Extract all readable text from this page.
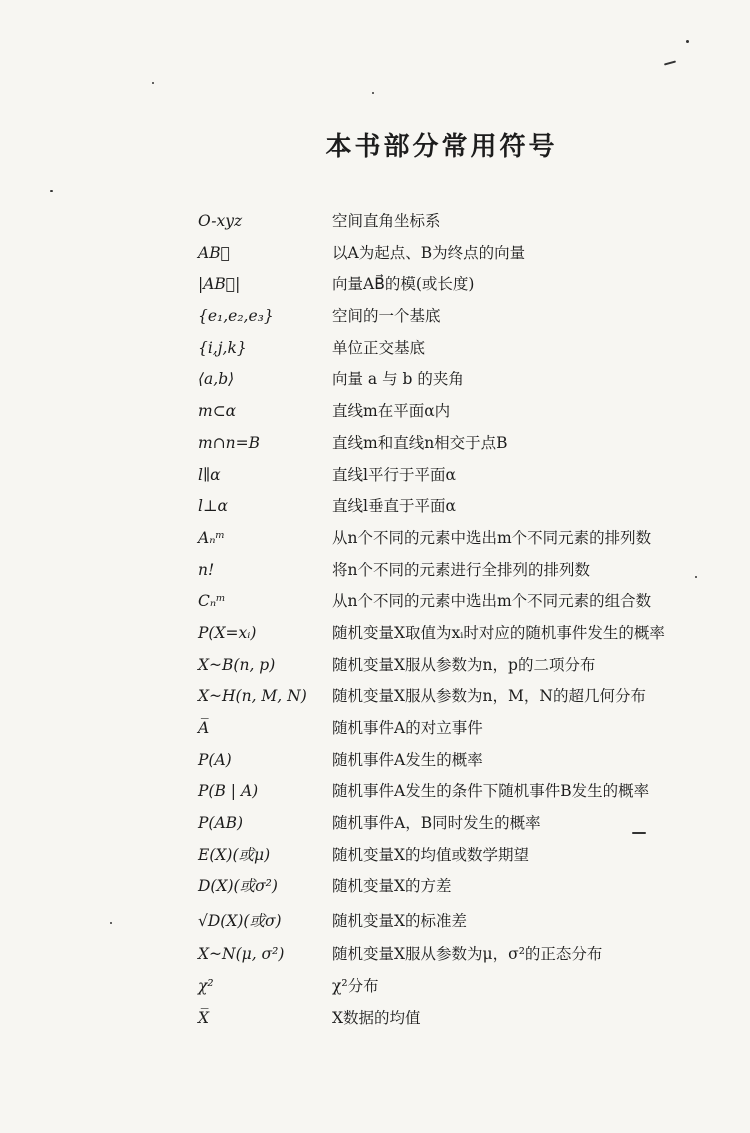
本书部分常用符号
O-xyz	空间直角坐标系
AB⃗	以A为起点、B为终点的向量
|AB⃗|	向量AB⃗的模(或长度)
{e₁,e₂,e₃}	空间的一个基底
{i,j,k}	单位正交基底
⟨a,b⟩	向量 a 与 b 的夹角
m⊂α	直线m在平面α内
m∩n=B	直线m和直线n相交于点B
l∥α	直线l平行于平面α
l⊥α	直线l垂直于平面α
Aₙᵐ	从n个不同的元素中选出m个不同元素的排列数
n!	将n个不同的元素进行全排列的排列数
Cₙᵐ	从n个不同的元素中选出m个不同元素的组合数
P(X=xᵢ)	随机变量X取值为xᵢ时对应的随机事件发生的概率
X~B(n, p)	随机变量X服从参数为n，p的二项分布
X~H(n, M, N) 随机变量X服从参数为n，M，N的超几何分布
A̅	随机事件A的对立事件
P(A)	随机事件A发生的概率
P(B | A)	随机事件A发生的条件下随机事件B发生的概率
P(AB)	随机事件A，B同时发生的概率
E(X)(或μ)	随机变量X的均值或数学期望
D(X)(或σ²)	随机变量X的方差
√D(X)(或σ)	随机变量X的标准差
X~N(μ, σ²)	随机变量X服从参数为μ，σ²的正态分布
χ²	χ²分布
X̅	X数据的均值
